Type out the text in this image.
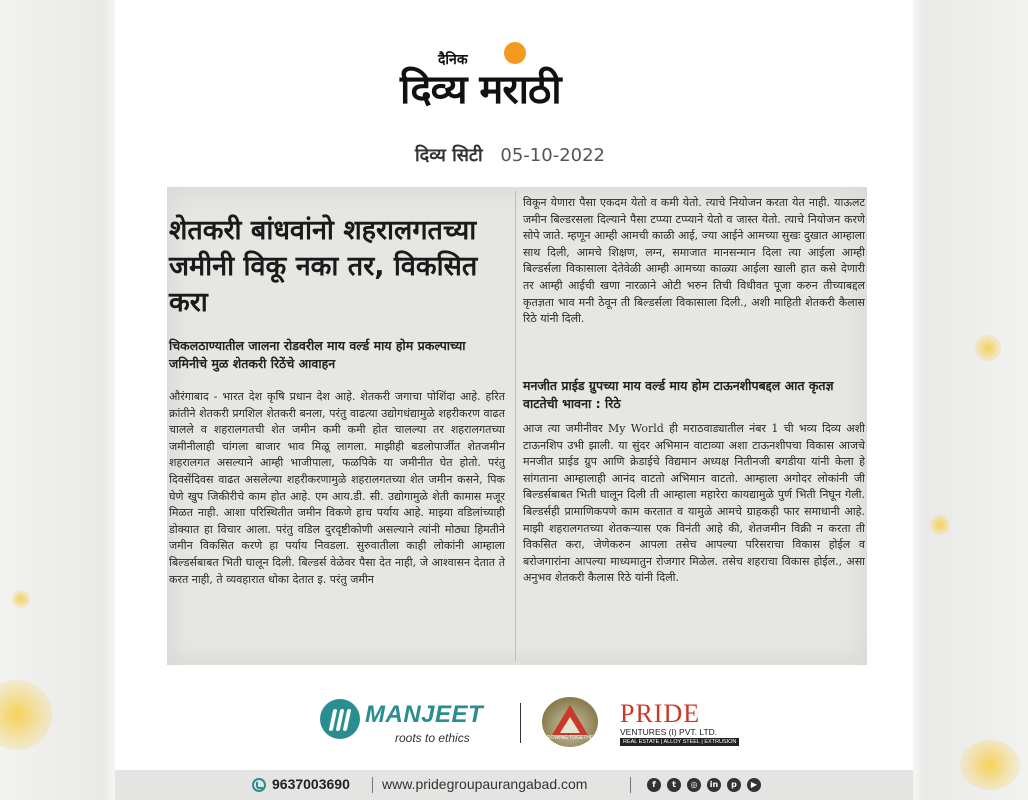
दैनिक
दिव्य मराठी
दिव्य सिटी 05-10-2022
शेतकरी बांधवांनो शहरालगतच्या जमीनी विकू नका तर, विकसित करा
चिकलठाण्यातील जालना रोडवरील माय वर्ल्ड माय होम प्रकल्पाच्या जमिनीचे मुळ शेतकरी रिठेंचे आवाहन
औरंगाबाद - भारत देश कृषि प्रधान देश आहे. शेतकरी जगाचा पोशिंदा आहे. हरित क्रांतीने शेतकरी प्रगशिल शेतकरी बनला, परंतु वाढत्या उद्योगधंद्यामुळे शहरीकरण वाढत चालले व शहरालगतची शेत जमीन कमी कमी होत चालल्या तर शहरालगतच्या जमीनीलाही चांगला बाजार भाव मिळू लागला. माझीही बडलोपार्जीत शेतजमीन शहरालगत असल्याने आम्ही भाजीपाला, फळपिके या जमीनीत घेत होतो. परंतु दिवसेंदिवस वाढत असलेल्या शहरीकरणामुळे शहरालगतच्या शेत जमीन कसने, पिक घेणे खुप जिकीरीचे काम होत आहे. एम आय.डी. सी. उद्योगामुळे शेती कामास मजूर मिळत नाही. आशा परिस्थितीत जमीन विकणे हाच पर्याय आहे. माझ्या वडिलांच्याही डोक्यात हा विचार आला. परंतु वडिल दुरदृष्टीकोणी असल्याने त्यांनी मोठ्या हिमतीने जमीन विकसित करणे हा पर्याय निवडला. सुरुवातीला काही लोकांनी आम्हाला बिल्डर्सबाबत भिती घालून दिली. बिल्डर्स वेळेवर पैसा देत नाही, जे आश्वासन देतात ते करत नाही, ते व्यवहारात धोका देतात इ. परंतु जमीन
विकून येणारा पैसा एकदम येतो व कमी येतो. त्याचे नियोजन करता येत नाही. याऊलट जमीन बिल्डरसला दिल्याने पैसा टप्प्या टप्प्याने येतो व जास्त येतो. त्याचे नियोजन करणे सोपे जाते. म्हणून आम्ही आमची काळी आई, ज्या आईने आमच्या सुखः दुखात आम्हाला साथ दिली, आमचे शिक्षण, लग्न, समाजात मानसन्मान दिला त्या आईला आम्ही बिल्डर्सला विकासाला देतेवेळी आम्ही आमच्या काळ्या आईला खाली हात कसे देणारी तर आम्ही आईची खणा नारळाने ओटी भरुन तिची विधीवत पूजा करुन तीच्याबद्दल कृतज्ञता भाव मनी ठेवून ती बिल्डर्सला विकासाला दिली., अशी माहिती शेतकरी कैलास रिठे यांनी दिली.
मनजीत प्राईड ग्रुपच्या माय वर्ल्ड माय होम टाऊनशीपबद्दल आत कृतज्ञ वाटतेची भावना : रिठे
आज त्या जमीनीवर My World ही मराठवाड्यातील नंबर 1 ची भव्य दिव्य अशी टाऊनशिप उभी झाली. या सुंदर अभिमान वाटाव्या अशा टाऊनशीपचा विकास आजचे मनजीत प्राईड ग्रुप आणि क्रेडाईचे विद्यमान अध्यक्ष नितीनजी बगडीया यांनी केला हे सांगताना आम्हालाही आनंद वाटतो अभिमान वाटतो. आम्हाला अगोदर लोकांनी जी बिल्डर्सबाबत भिती घालून दिली ती आम्हाला महारेरा कायद्यामुळे पुर्ण भिती निघून गेली. बिल्डर्सही प्रामाणिकपणे काम करतात व यामुळे आमचे ग्राहकही फार समाधानी आहे. माझी शहरालगतच्या शेतकऱ्यास एक विनंती आहे की, शेतजमीन विक्री न करता ती विकसित करा, जेणेकरुन आपला तसेच आपल्या परिसराचा विकास होईल व बरोजगारांना आपल्या माध्यमातुन रोजगार मिळेल. तसेच शहराचा विकास होईल., असा अनुभव शेतकरी कैलास रिठे यांनी दिली.
MANJEET
roots to ethics	GROWING TOGETHER
PRIDE
VENTURES (I) PVT. LTD.
REAL ESTATE | ALLOY STEEL | EXTRUSION
9637003690 www.pridegroupaurangabad.com	f	t	◎	in	p	▶
